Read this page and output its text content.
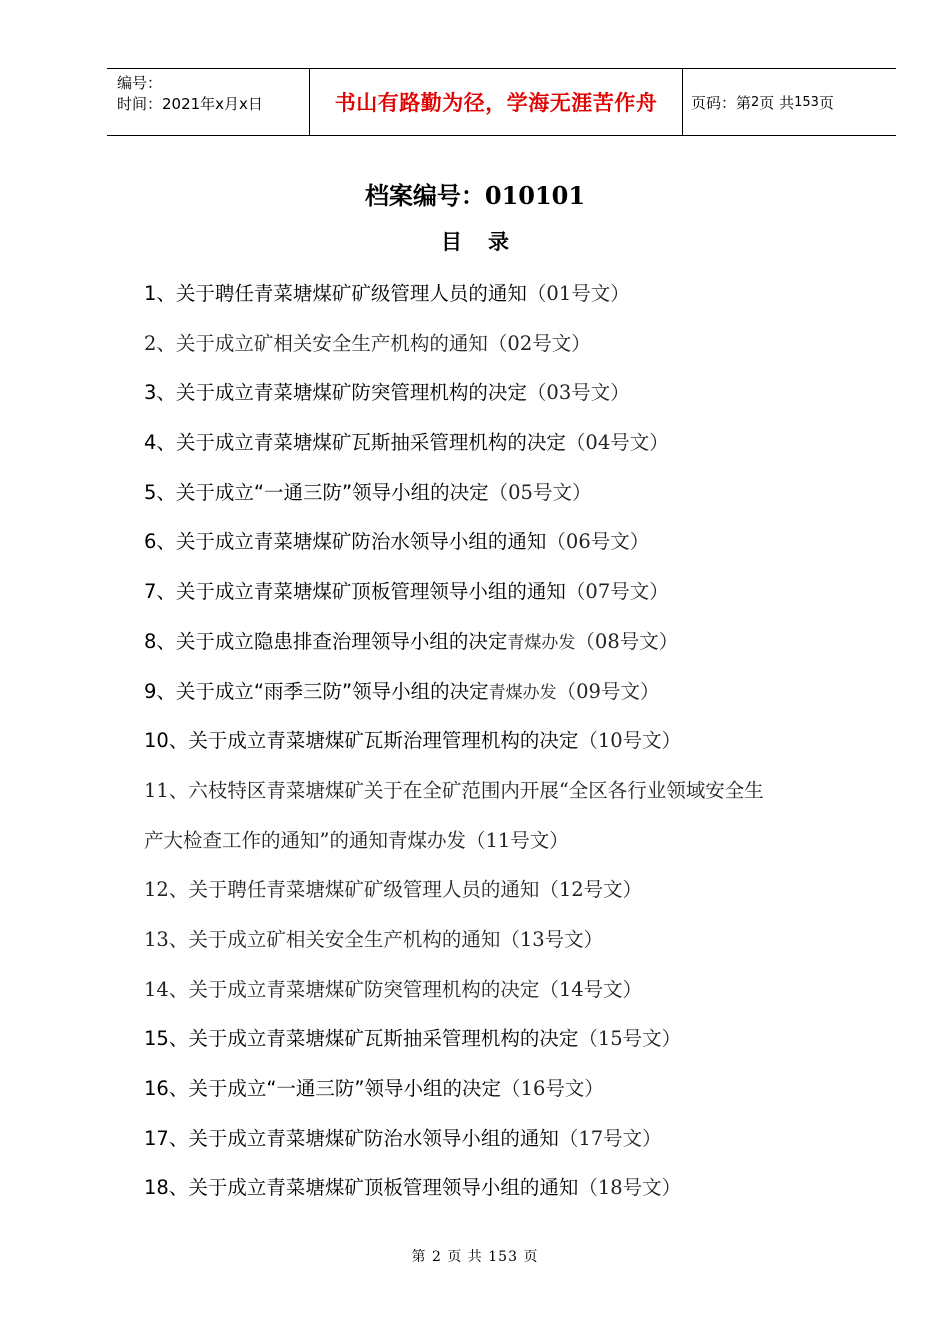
编号：
时间：2021年x月x日	书山有路勤为径，学海无涯苦作舟 页码：第 2 页 共 153 页
档案编号：010101
目录
1、关于聘任青菜塘煤矿矿级管理人员的通知（01号文）
2、关于成立矿相关安全生产机构的通知（02号文）
3、关于成立青菜塘煤矿防突管理机构的决定（03号文）
4、关于成立青菜塘煤矿瓦斯抽采管理机构的决定（04号文）
5、关于成立“一通三防”领导小组的决定（05号文）
6、关于成立青菜塘煤矿防治水领导小组的通知（06号文）
7、关于成立青菜塘煤矿顶板管理领导小组的通知（07号文）
8、关于成立隐患排查治理领导小组的决定青煤办发（08号文）
9、关于成立“雨季三防”领导小组的决定青煤办发（09号文）
10、关于成立青菜塘煤矿瓦斯治理管理机构的决定（10号文）
11、六枝特区青菜塘煤矿关于在全矿范围内开展“全区各行业领域安全生
产大检查工作的通知”的通知青煤办发（11号文）
12、关于聘任青菜塘煤矿矿级管理人员的通知（12号文）
13、关于成立矿相关安全生产机构的通知（13号文）
14、关于成立青菜塘煤矿防突管理机构的决定（14号文）
15、关于成立青菜塘煤矿瓦斯抽采管理机构的决定（15号文）
16、关于成立“一通三防”领导小组的决定（16号文）
17、关于成立青菜塘煤矿防治水领导小组的通知（17号文）
18、关于成立青菜塘煤矿顶板管理领导小组的通知（18号文）
第 2 页 共 153 页
